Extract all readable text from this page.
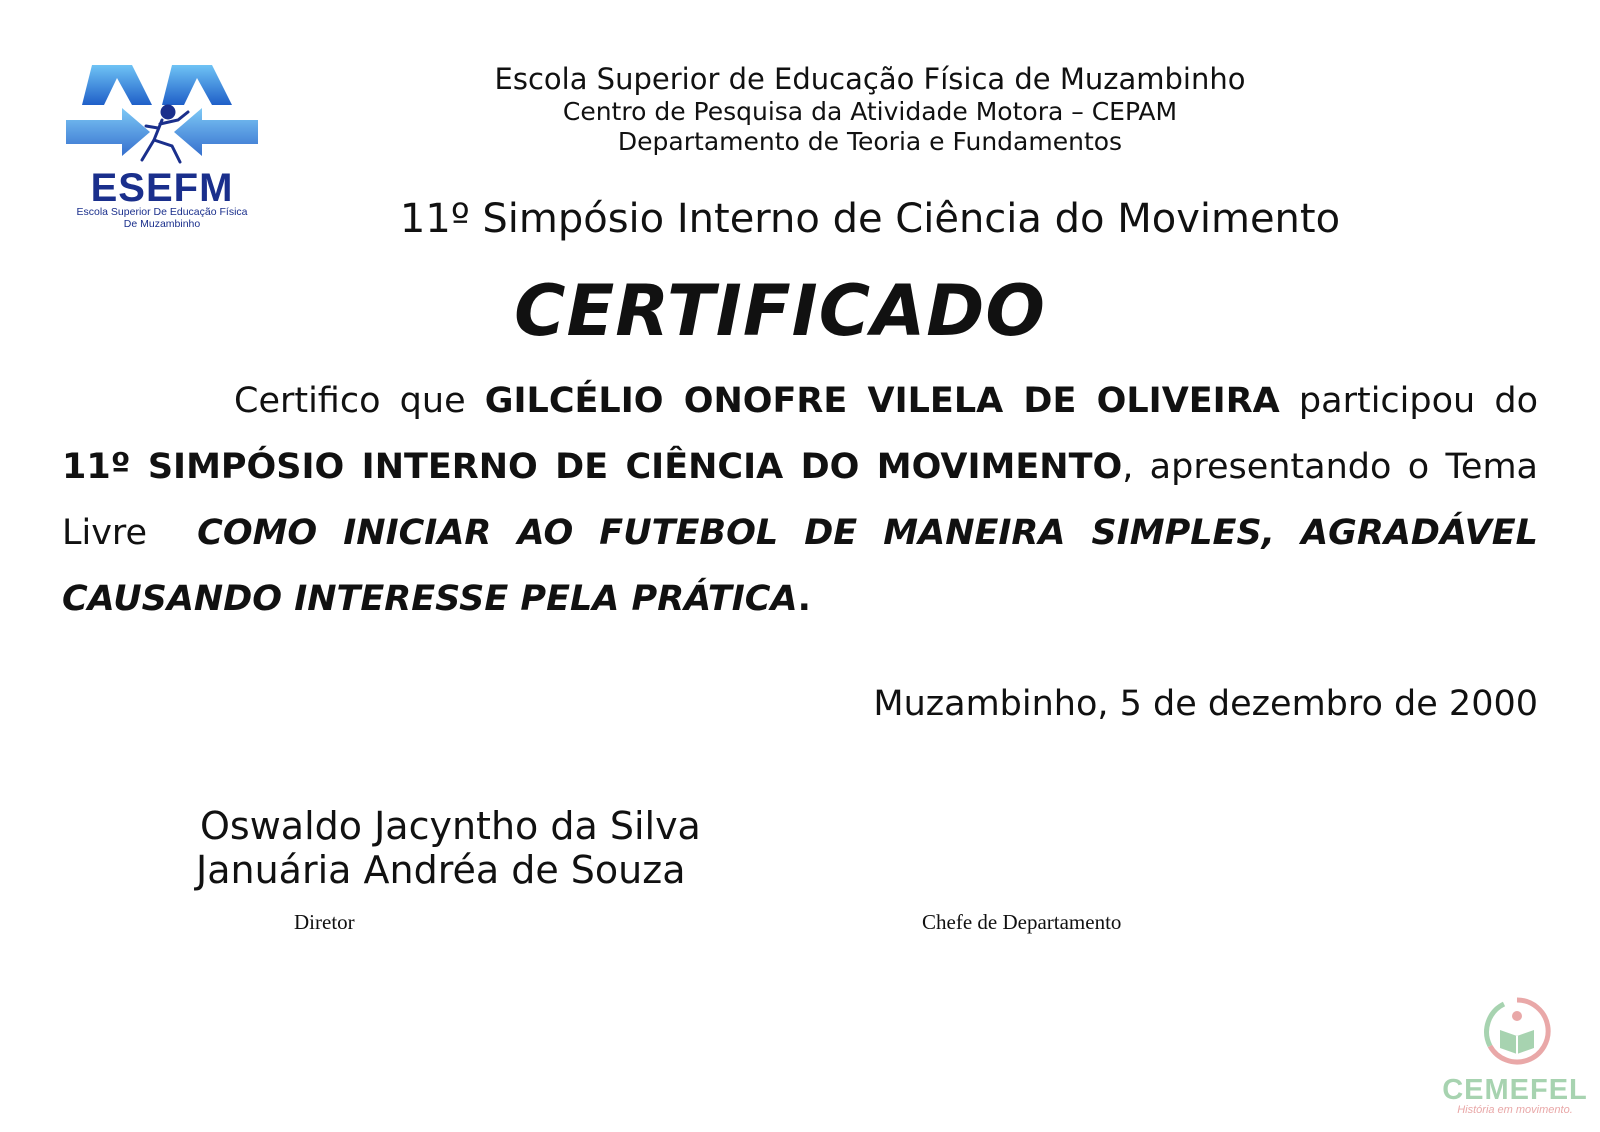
ESEFM
Escola Superior De Educação Física
De Muzambinho
Escola Superior de Educação Física de Muzambinho
Centro de Pesquisa da Atividade Motora – CEPAM
Departamento de Teoria e Fundamentos
11º Simpósio Interno de Ciência do Movimento
CERTIFICADO
Certifico que GILCÉLIO ONOFRE VILELA DE OLIVEIRA participou do 11º SIMPÓSIO INTERNO DE CIÊNCIA DO MOVIMENTO, apresentando o Tema Livre COMO INICIAR AO FUTEBOL DE MANEIRA SIMPLES, AGRADÁVEL CAUSANDO INTERESSE PELA PRÁTICA.
Muzambinho, 5 de dezembro de 2000
Oswaldo Jacyntho da Silva
Januária Andréa de Souza
Diretor	Chefe de Departamento
CEMEFEL
História em movimento.
